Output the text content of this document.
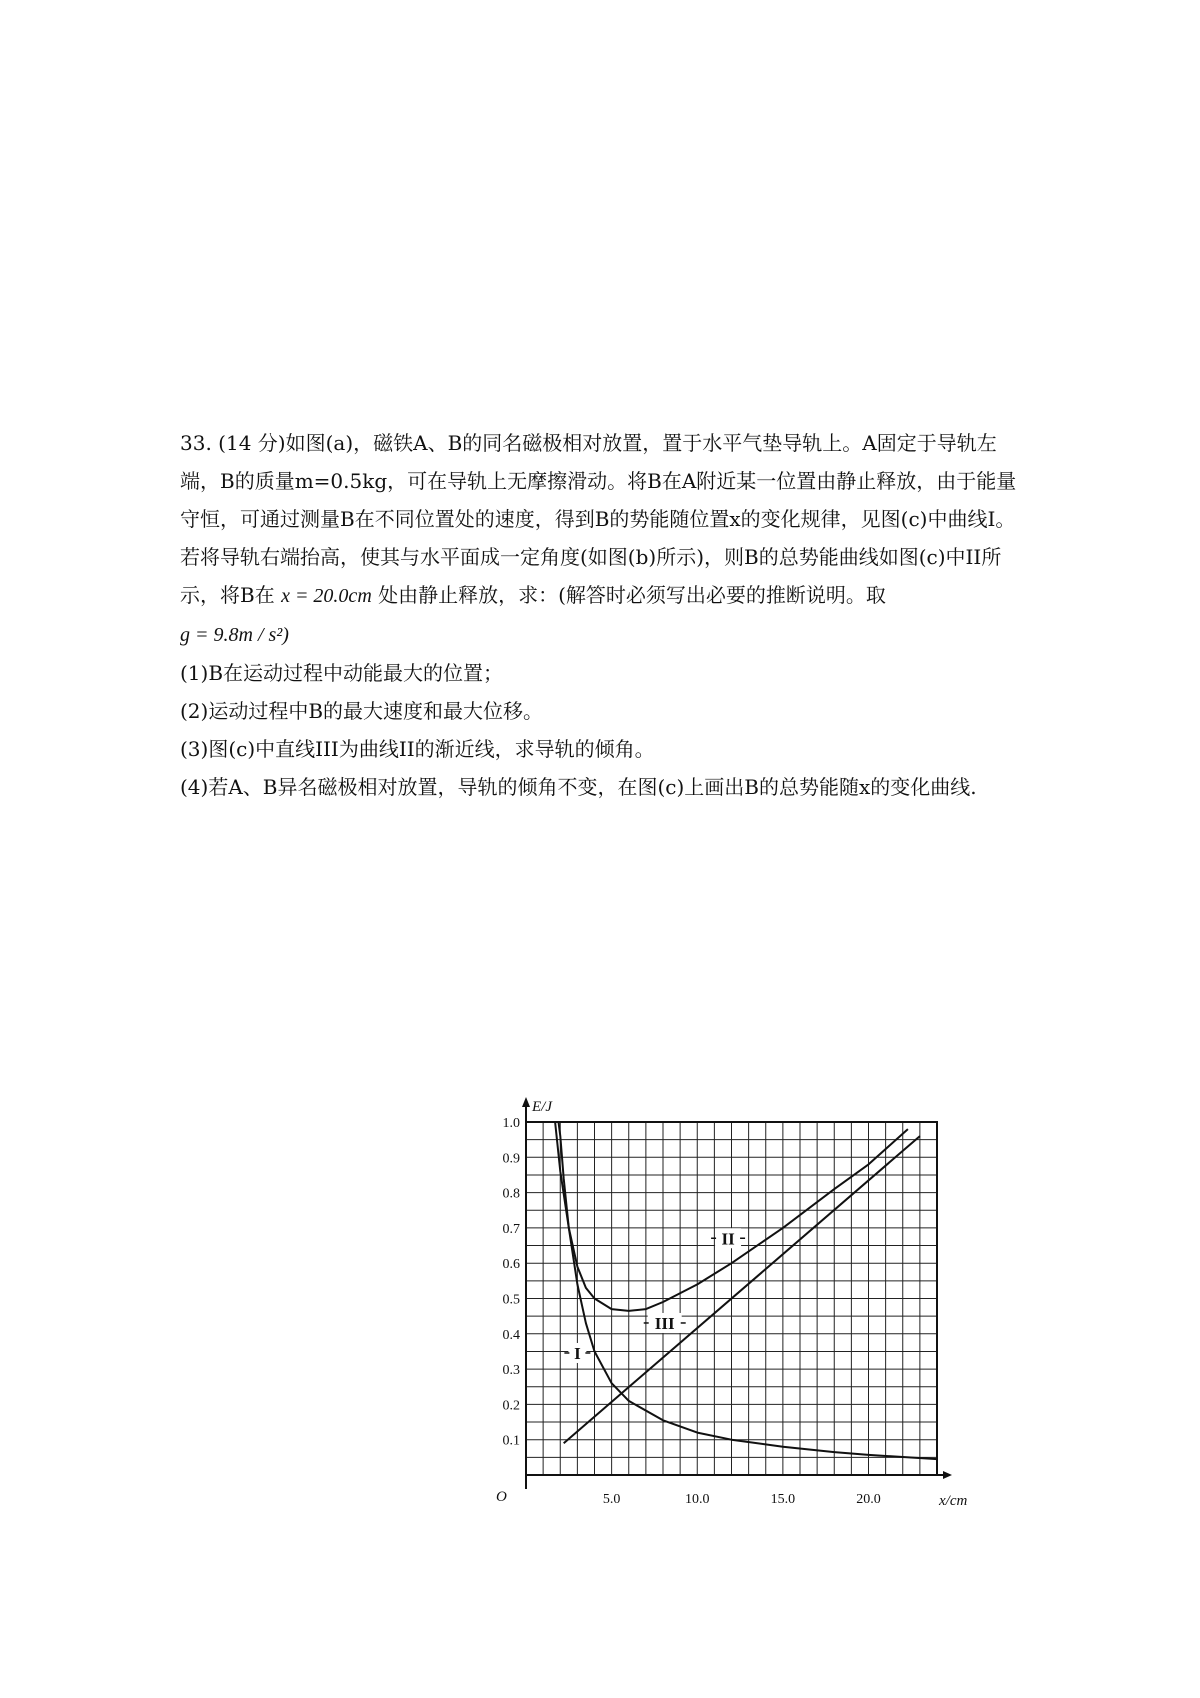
33. (14 分)如图(a)，磁铁A、B的同名磁极相对放置，置于水平气垫导轨上。A固定于导轨左端，B的质量m=0.5kg，可在导轨上无摩擦滑动。将B在A附近某一位置由静止释放，由于能量守恒，可通过测量B在不同位置处的速度，得到B的势能随位置x的变化规律，见图(c)中曲线I。若将导轨右端抬高，使其与水平面成一定角度(如图(b)所示)，则B的总势能曲线如图(c)中II所示，将B在 x = 20.0cm 处由静止释放，求：(解答时必须写出必要的推断说明。取

g = 9.8m / s²)

(1)B在运动过程中动能最大的位置；

(2)运动过程中B的最大速度和最大位移。

(3)图(c)中直线III为曲线II的渐近线，求导轨的倾角。

(4)若A、B异名磁极相对放置，导轨的倾角不变，在图(c)上画出B的总势能随x的变化曲线.

E/J
x/cm
O
0.1
0.2
0.3
0.4
0.5
0.6
0.7
0.8
0.9
1.0
5.0	10.0	15.0	20.0
I
II
III
